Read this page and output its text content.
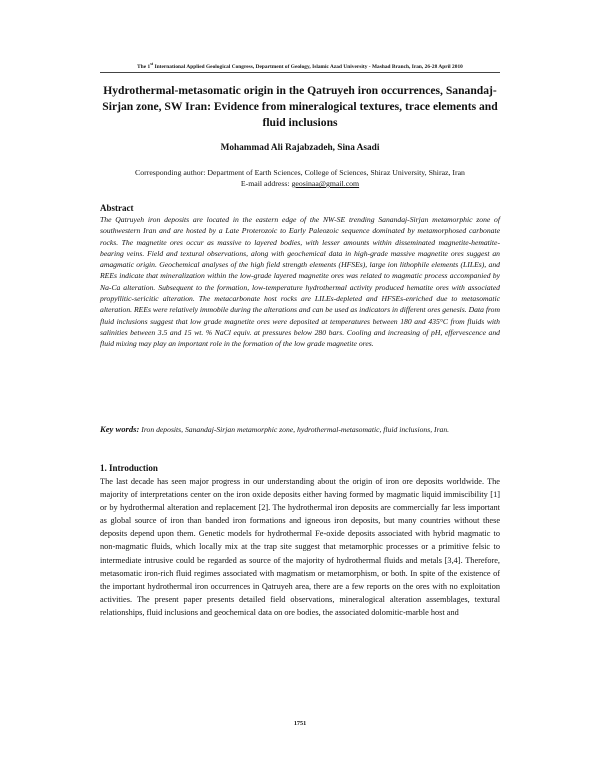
The 1st International Applied Geological Congress, Department of Geology, Islamic Azad University - Mashad Branch, Iran, 26-28 April 2010
Hydrothermal-metasomatic origin in the Qatruyeh iron occurrences, Sanandaj-Sirjan zone, SW Iran: Evidence from mineralogical textures, trace elements and fluid inclusions
Mohammad Ali Rajabzadeh, Sina Asadi
Corresponding author: Department of Earth Sciences, College of Sciences, Shiraz University, Shiraz, Iran
E-mail address: geosinaa@gmail.com
Abstract
The Qatruyeh iron deposits are located in the eastern edge of the NW-SE trending Sanandaj-Sirjan metamorphic zone of southwestern Iran and are hosted by a Late Proterozoic to Early Paleozoic sequence dominated by metamorphosed carbonate rocks. The magnetite ores occur as massive to layered bodies, with lesser amounts within disseminated magnetite-hematite-bearing veins. Field and textural observations, along with geochemical data in high-grade massive magnetite ores suggest an amagmatic origin. Geochemical analyses of the high field strength elements (HFSEs), large ion lithophile elements (LILEs), and REEs indicate that mineralization within the low-grade layered magnetite ores was related to magmatic process accompanied by Na-Ca alteration. Subsequent to the formation, low-temperature hydrothermal activity produced hematite ores with associated propyllitic-sericitic alteration. The metacarbonate host rocks are LILEs-depleted and HFSEs-enriched due to metasomatic alteration. REEs were relatively immobile during the alterations and can be used as indicators in different ores genesis. Data from fluid inclusions suggest that low grade magnetite ores were deposited at temperatures between 180 and 435°C from fluids with salinities between 3.5 and 15 wt. % NaCl equiv. at pressures below 280 bars. Cooling and increasing of pH, effervescence and fluid mixing may play an important role in the formation of the low grade magnetite ores.
Key words: Iron deposits, Sanandaj-Sirjan metamorphic zone, hydrothermal-metasomatic, fluid inclusions, Iran.
1. Introduction
The last decade has seen major progress in our understanding about the origin of iron ore deposits worldwide. The majority of interpretations center on the iron oxide deposits either having formed by magmatic liquid immiscibility [1] or by hydrothermal alteration and replacement [2]. The hydrothermal iron deposits are commercially far less important as global source of iron than banded iron formations and igneous iron deposits, but many countries without these deposits depend upon them. Genetic models for hydrothermal Fe-oxide deposits associated with hybrid magmatic to non-magmatic fluids, which locally mix at the trap site suggest that metamorphic processes or a primitive felsic to intermediate intrusive could be regarded as source of the majority of hydrothermal fluids and metals [3,4]. Therefore, metasomatic iron-rich fluid regimes associated with magmatism or metamorphism, or both. In spite of the existence of the important hydrothermal iron occurrences in Qatruyeh area, there are a few reports on the ores with no exploitation activities. The present paper presents detailed field observations, mineralogical alteration assemblages, textural relationships, fluid inclusions and geochemical data on ore bodies, the associated dolomitic-marble host and
1751
